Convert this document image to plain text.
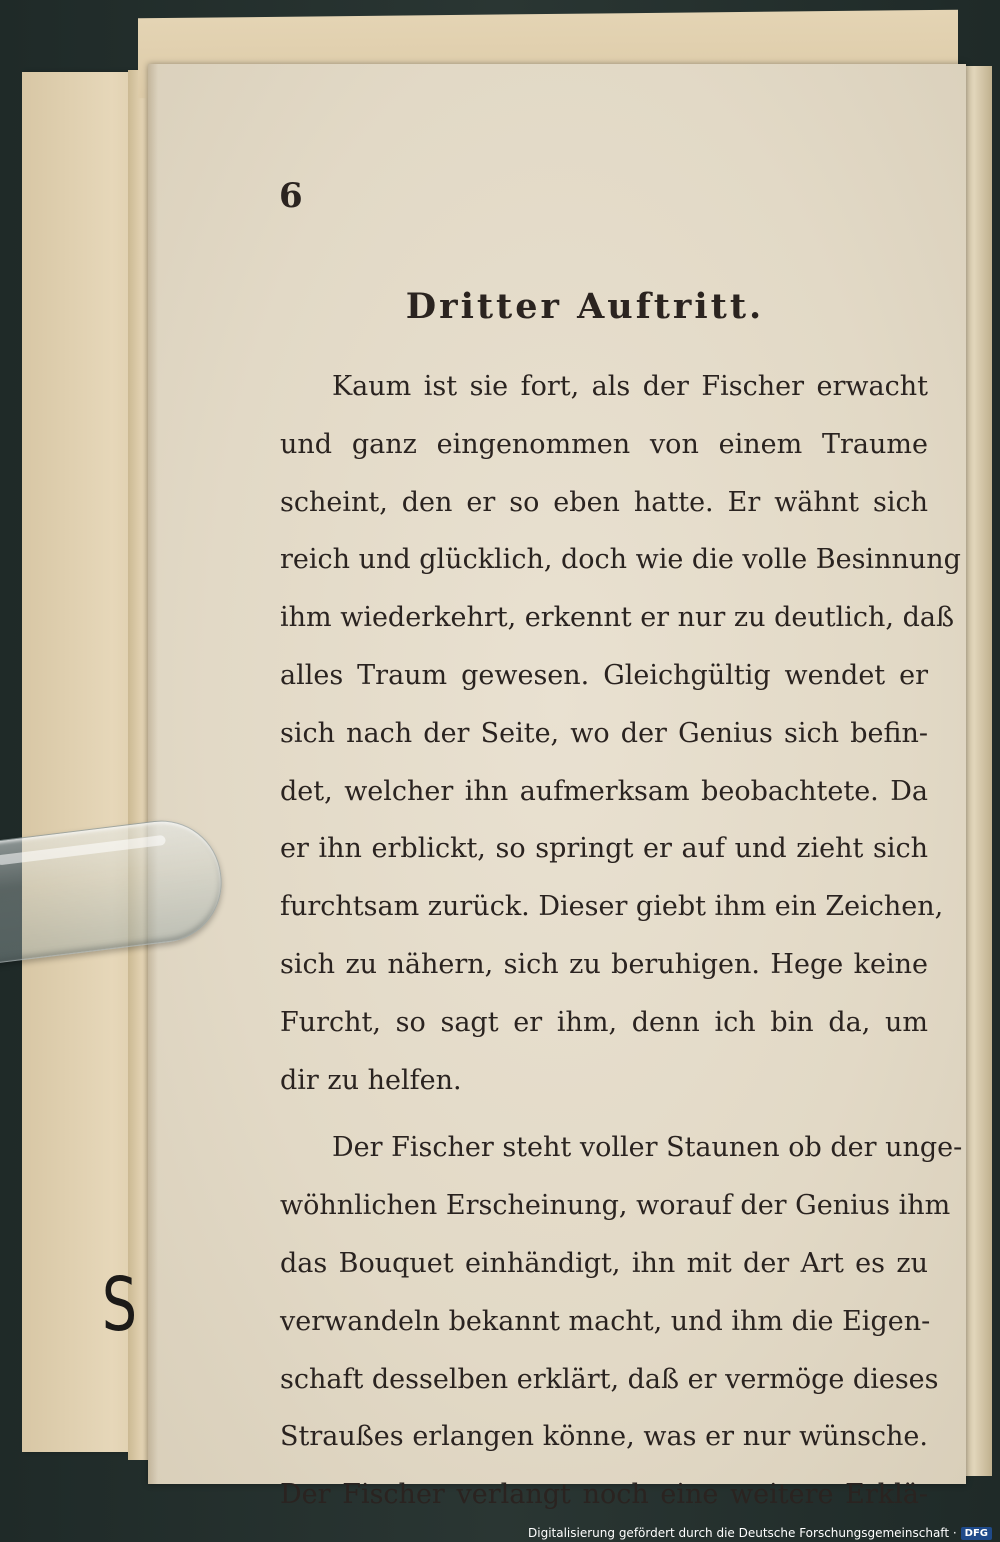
6
Dritter Auftritt.
Kaum ist sie fort, als der Fischer erwacht
und ganz eingenommen von einem Traume
scheint, den er so eben hatte. Er wähnt sich
reich und glücklich, doch wie die volle Besinnung
ihm wiederkehrt, erkennt er nur zu deutlich, daß
alles Traum gewesen. Gleichgültig wendet er
sich nach der Seite, wo der Genius sich befin-
det, welcher ihn aufmerksam beobachtete. Da
er ihn erblickt, so springt er auf und zieht sich
furchtsam zurück. Dieser giebt ihm ein Zeichen,
sich zu nähern, sich zu beruhigen. Hege keine
Furcht, so sagt er ihm, denn ich bin da, um
dir zu helfen.
Der Fischer steht voller Staunen ob der unge-
wöhnlichen Erscheinung, worauf der Genius ihm
das Bouquet einhändigt, ihn mit der Art es zu
verwandeln bekannt macht, und ihm die Eigen-
schaft desselben erklärt, daß er vermöge dieses
Straußes erlangen könne, was er nur wünsche.
Der Fischer verlangt noch eine weitere Erklä-
S
Digitalisierung gefördert durch die Deutsche Forschungsgemeinschaft · DFG
